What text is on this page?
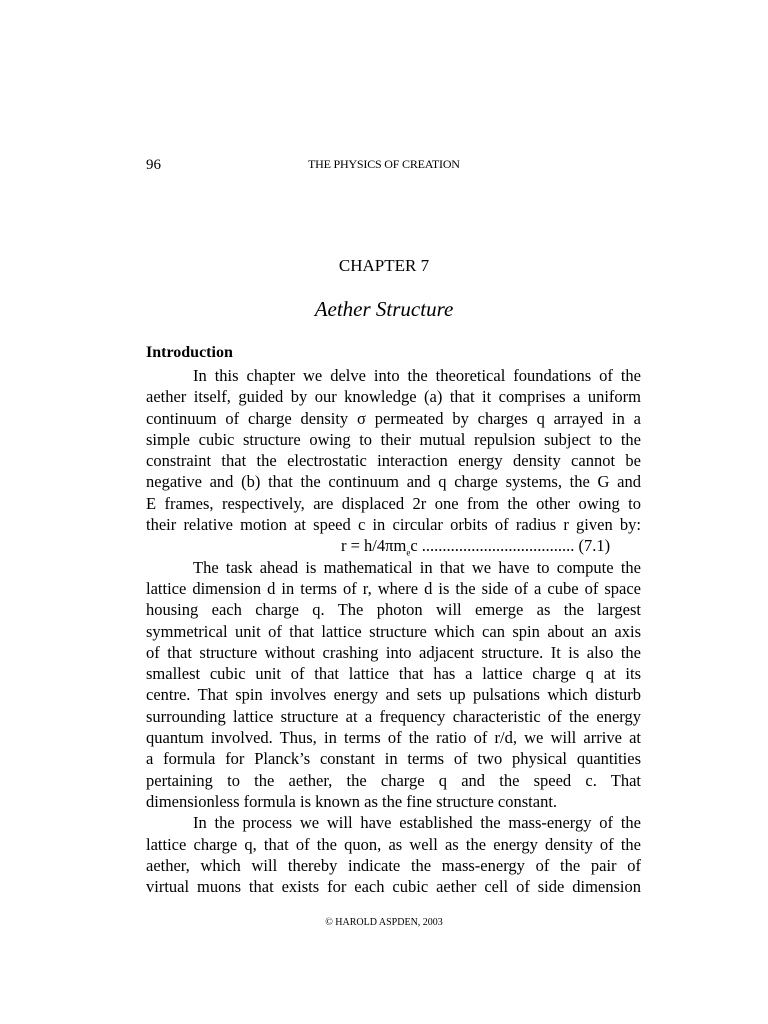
96	THE PHYSICS OF CREATION
CHAPTER 7
Aether Structure
Introduction
In this chapter we delve into the theoretical foundations of the
aether itself, guided by our knowledge (a) that it comprises a uniform
continuum of charge density σ permeated by charges q arrayed in a
simple cubic structure owing to their mutual repulsion subject to the
constraint that the electrostatic interaction energy density cannot be
negative and (b) that the continuum and q charge systems, the G and
E frames, respectively, are displaced 2r one from the other owing to
their relative motion at speed c in circular orbits of radius r given by:
$r = h/4\pi m_ec$ ..................................... (7.1)
The task ahead is mathematical in that we have to compute the
lattice dimension d in terms of r, where d is the side of a cube of space
housing each charge q. The photon will emerge as the largest
symmetrical unit of that lattice structure which can spin about an axis
of that structure without crashing into adjacent structure. It is also the
smallest cubic unit of that lattice that has a lattice charge q at its
centre. That spin involves energy and sets up pulsations which disturb
surrounding lattice structure at a frequency characteristic of the energy
quantum involved. Thus, in terms of the ratio of r/d, we will arrive at
a formula for Planck’s constant in terms of two physical quantities
pertaining to the aether, the charge q and the speed c. That
dimensionless formula is known as the fine structure constant.
In the process we will have established the mass-energy of the
lattice charge q, that of the quon, as well as the energy density of the
aether, which will thereby indicate the mass-energy of the pair of
virtual muons that exists for each cubic aether cell of side dimension
© HAROLD ASPDEN, 2003
